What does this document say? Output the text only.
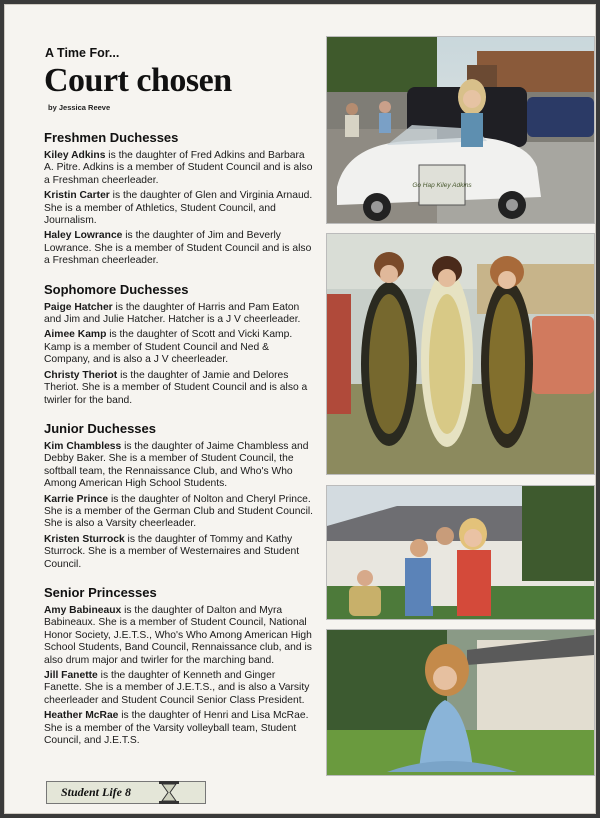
A Time For...
Court chosen
by Jessica Reeve
Freshmen Duchesses

Kiley Adkins is the daughter of Fred Adkins and Barbara A. Pitre. Adkins is a member of Student Council and is also a Freshman cheerleader.

Kristin Carter is the daughter of Glen and Virginia Arnaud. She is a member of Athletics, Student Council, and Journalism.

Haley Lowrance is the daughter of Jim and Beverly Lowrance. She is a member of Student Council and is also a Freshman cheerleader.

Sophomore Duchesses

Paige Hatcher is the daughter of Harris and Pam Eaton and Jim and Julie Hatcher. Hatcher is a J V cheerleader.

Aimee Kamp is the daughter of Scott and Vicki Kamp. Kamp is a member of Student Council and Ned & Company, and is also a J V cheerleader.

Christy Theriot is the daughter of Jamie and Delores Theriot. She is a member of Student Council and is also a twirler for the band.

Junior Duchesses

Kim Chambless is the daughter of Jaime Chambless and Debby Baker. She is a member of Student Council, the softball team, the Rennaissance Club, and Who's Who Among American High School Students.

Karrie Prince is the daughter of Nolton and Cheryl Prince. She is a member of the German Club and Student Council. She is also a Varsity cheerleader.

Kristen Sturrock is the daughter of Tommy and Kathy Sturrock. She is a member of Westernaires and Student Council.

Senior Princesses

Amy Babineaux is the daughter of Dalton and Myra Babineaux. She is a member of Student Council, National Honor Society, J.E.T.S., Who's Who Among American High School Students, Band Council, Rennaissance club, and is also drum major and twirler for the marching band.

Jill Fanette is the daughter of Kenneth and Ginger Fanette. She is a member of J.E.T.S., and is also a Varsity cheerleader and Student Council Senior Class President.

Heather McRae is the daughter of Henri and Lisa McRae. She is a member of the Varsity volleyball team, Student Council, and J.E.T.S.

Go Hap Kiley Adkins
Student Life 8
